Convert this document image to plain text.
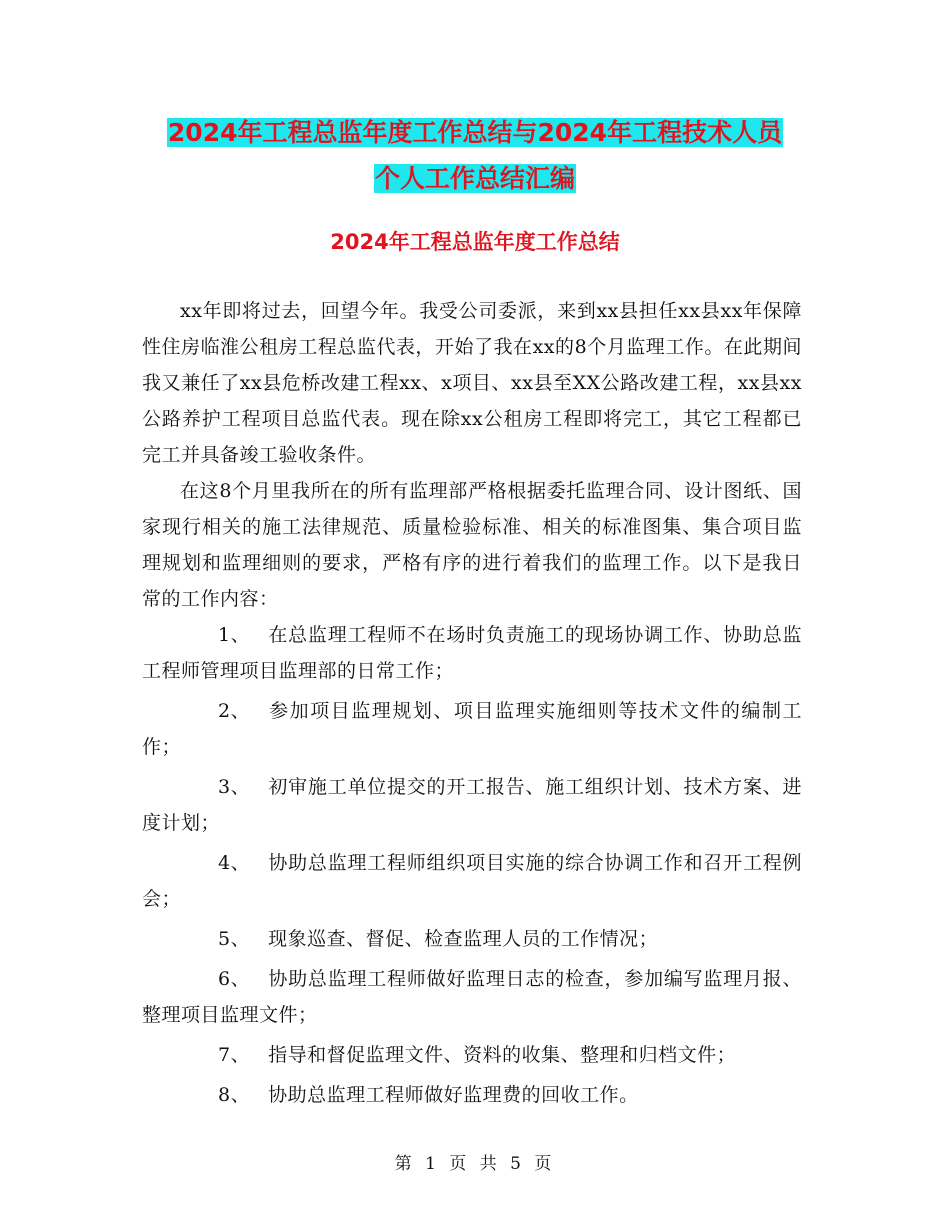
2024年工程总监年度工作总结与2024年工程技术人员
个人工作总结汇编
2024年工程总监年度工作总结

xx年即将过去，回望今年。我受公司委派，来到xx县担任xx县xx年保障性住房临淮公租房工程总监代表，开始了我在xx的8个月监理工作。在此期间我又兼任了xx县危桥改建工程xx、x项目、xx县至XX公路改建工程，xx县xx公路养护工程项目总监代表。现在除xx公租房工程即将完工，其它工程都已完工并具备竣工验收条件。

在这8个月里我所在的所有监理部严格根据委托监理合同、设计图纸、国家现行相关的施工法律规范、质量检验标准、相关的标准图集、集合项目监理规划和监理细则的要求，严格有序的进行着我们的监理工作。以下是我日常的工作内容：

1、 在总监理工程师不在场时负责施工的现场协调工作、协助总监工程师管理项目监理部的日常工作；
2、 参加项目监理规划、项目监理实施细则等技术文件的编制工作；
3、 初审施工单位提交的开工报告、施工组织计划、技术方案、进度计划；
4、 协助总监理工程师组织项目实施的综合协调工作和召开工程例会；
5、 现象巡查、督促、检查监理人员的工作情况；
6、 协助总监理工程师做好监理日志的检查，参加编写监理月报、整理项目监理文件；
7、 指导和督促监理文件、资料的收集、整理和归档文件；
8、 协助总监理工程师做好监理费的回收工作。
第 1 页 共 5 页
